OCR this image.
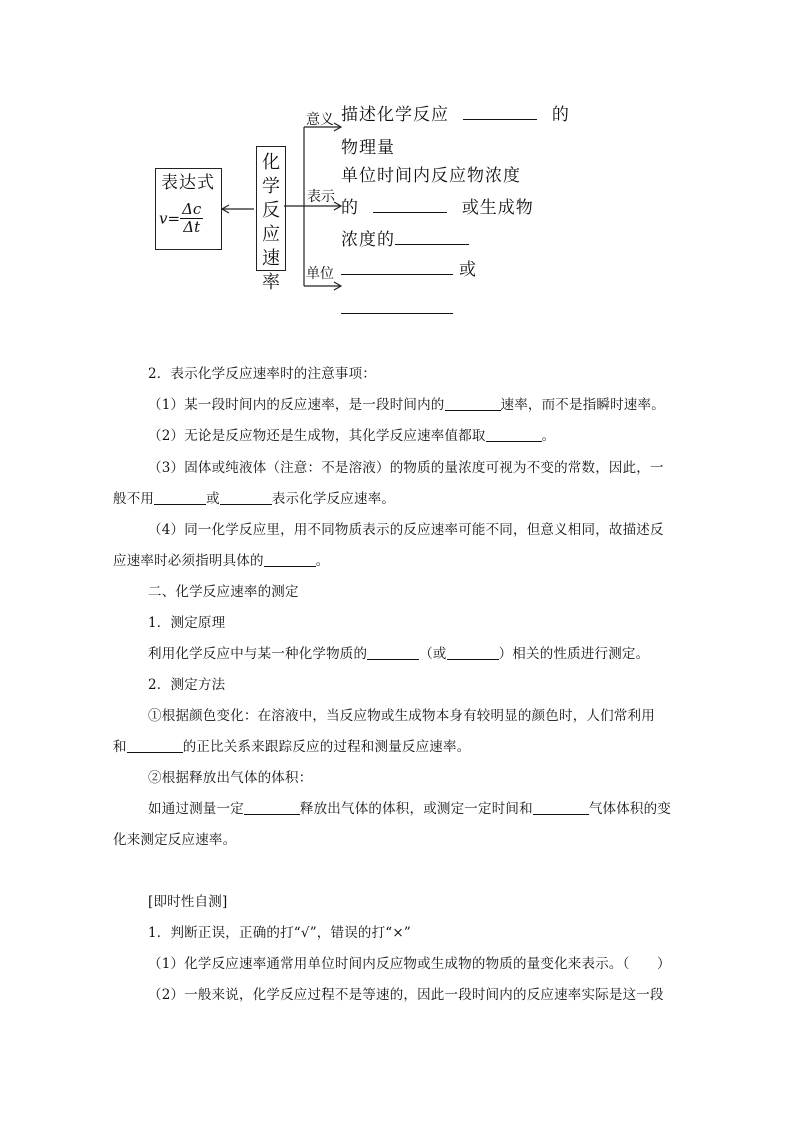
表达式
$v= \frac{\Delta c}{\Delta t}$
化
学
反
应
速
率
意义 描述化学反应	的
物理量
单位时间内反应物浓度
表示
的	或生成物
浓度的
单位	或
2．表示化学反应速率时的注意事项：
（1）某一段时间内的反应速率，是一段时间内的	速率，而不是指瞬时速率。
（2）无论是反应物还是生成物，其化学反应速率值都取	。
（3）固体或纯液体（注意：不是溶液）的物质的量浓度可视为不变的常数，因此，一
般不用	或	表示化学反应速率。
（4）同一化学反应里，用不同物质表示的反应速率可能不同，但意义相同，故描述反
应速率时必须指明具体的	。
二、化学反应速率的测定
1．测定原理
利用化学反应中与某一种化学物质的	（或	）相关的性质进行测定。
2．测定方法
①根据颜色变化：在溶液中，当反应物或生成物本身有较明显的颜色时，人们常利用
和	的正比关系来跟踪反应的过程和测量反应速率。
②根据释放出气体的体积：
如通过测量一定	释放出气体的体积，或测定一定时间和	气体体积的变
化来测定反应速率。
[即时性自测]
1．判断正误，正确的打“√”，错误的打“×”
（1）化学反应速率通常用单位时间内反应物或生成物的物质的量变化来表示。（　　）
（2）一般来说，化学反应过程不是等速的，因此一段时间内的反应速率实际是这一段
